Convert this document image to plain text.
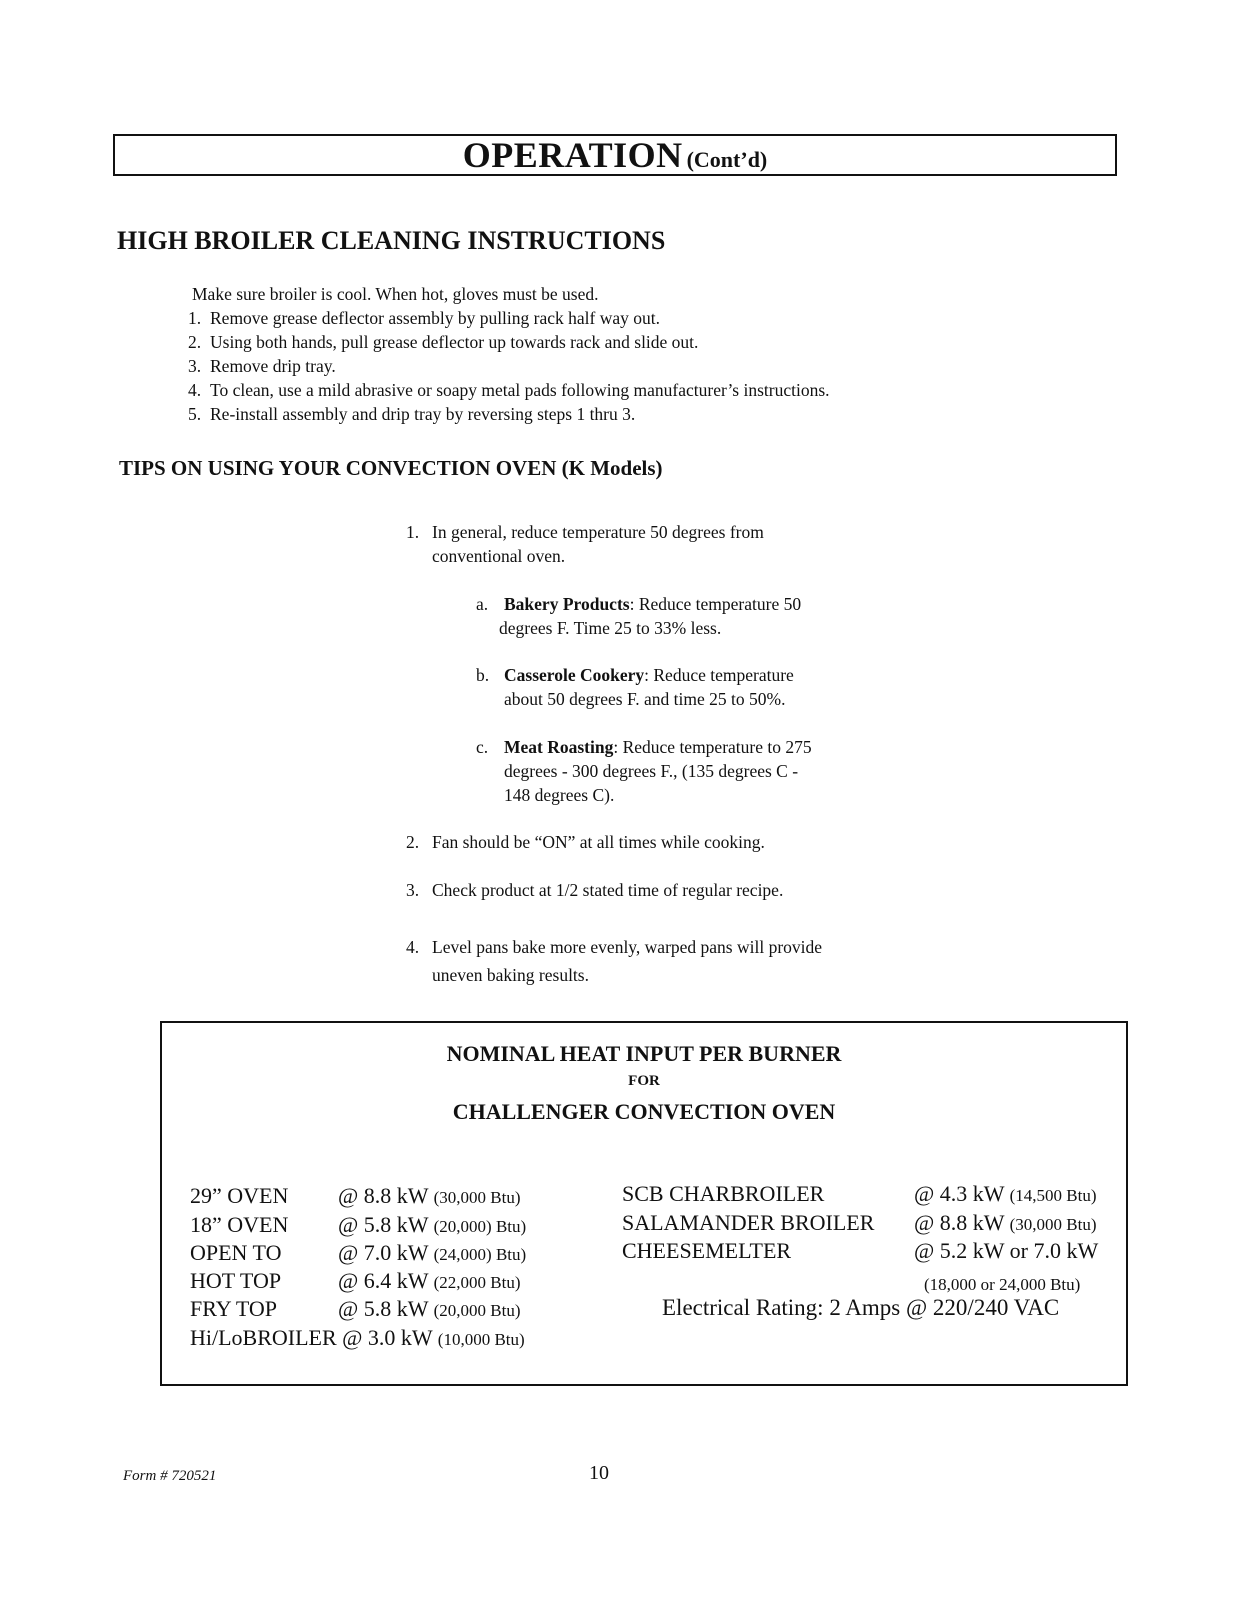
OPERATION (Cont’d)
HIGH BROILER CLEANING INSTRUCTIONS
Make sure broiler is cool. When hot, gloves must be used.
1. Remove grease deflector assembly by pulling rack half way out.
2. Using both hands, pull grease deflector up towards rack and slide out.
3. Remove drip tray.
4. To clean, use a mild abrasive or soapy metal pads following manufacturer’s instructions.
5. Re-install assembly and drip tray by reversing steps 1 thru 3.
TIPS ON USING YOUR CONVECTION OVEN (K Models)
1. In general, reduce temperature 50 degrees from
conventional oven.
a. Bakery Products: Reduce temperature 50
degrees F. Time 25 to 33% less.
b. Casserole Cookery: Reduce temperature
about 50 degrees F. and time 25 to 50%.
c. Meat Roasting: Reduce temperature to 275
degrees - 300 degrees F., (135 degrees C -
148 degrees C).
2. Fan should be “ON” at all times while cooking.
3. Check product at 1/2 stated time of regular recipe.
4. Level pans bake more evenly, warped pans will provide
uneven baking results.
NOMINAL HEAT INPUT PER BURNER
FOR
CHALLENGER CONVECTION OVEN
29” OVEN @ 8.8 kW (30,000 Btu)
18” OVEN @ 5.8 kW (20,000) Btu)
OPEN TO	@ 7.0 kW (24,000) Btu)
HOT TOP	@ 6.4 kW (22,000 Btu)
FRY TOP	@ 5.8 kW (20,000 Btu)
Hi/LoBROILER @ 3.0 kW (10,000 Btu)
SCB CHARBROILER	@ 4.3 kW (14,500 Btu)
SALAMANDER BROILER @ 8.8 kW (30,000 Btu)
CHEESEMELTER	@ 5.2 kW or 7.0 kW
(18,000 or 24,000 Btu)
Electrical Rating: 2 Amps @ 220/240 VAC
Form # 720521	10
